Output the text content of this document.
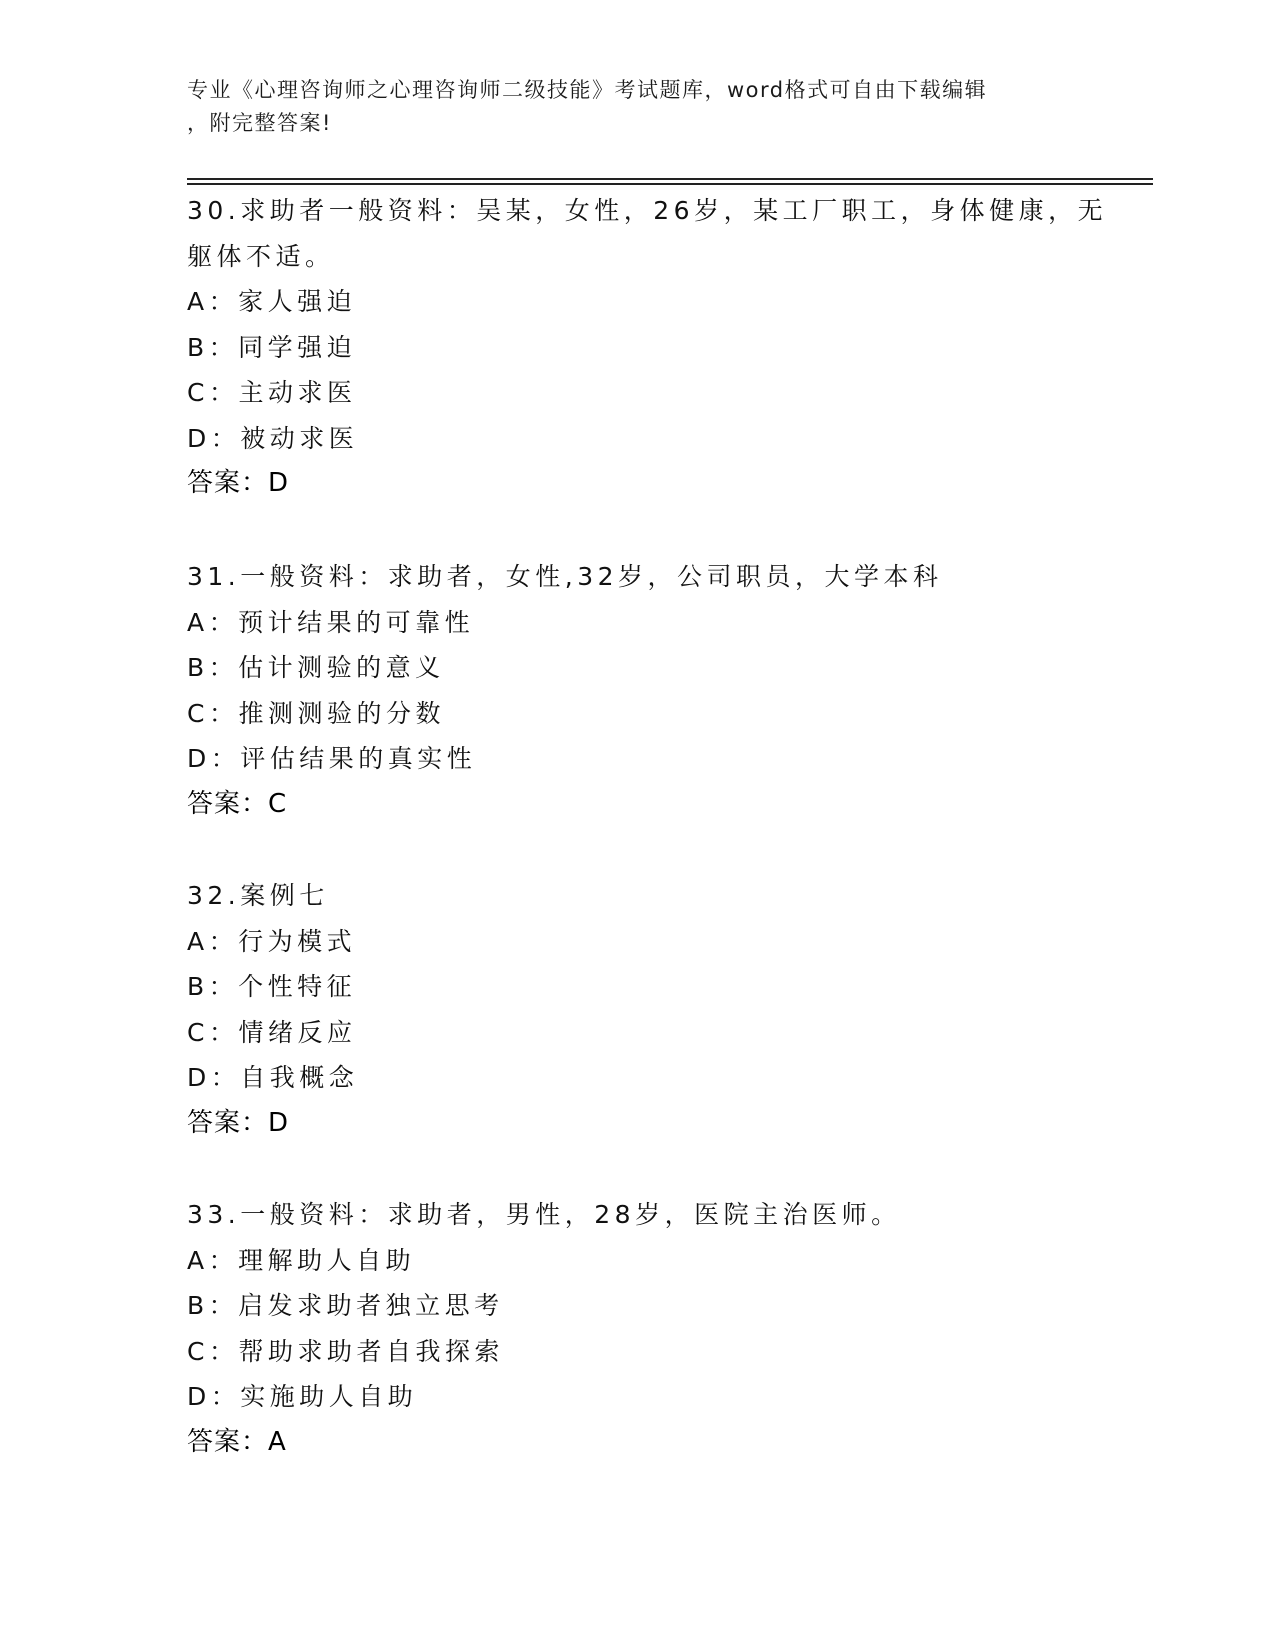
专业《心理咨询师之心理咨询师二级技能》考试题库，word格式可自由下载编辑
，附完整答案!
30.求助者一般资料：吴某，女性，26岁，某工厂职工，身体健康，无
躯体不适。
A：家人强迫
B：同学强迫
C：主动求医
D：被动求医
答案：D
31.一般资料：求助者，女性,32岁，公司职员，大学本科
A：预计结果的可靠性
B：估计测验的意义
C：推测测验的分数
D：评估结果的真实性
答案：C
32.案例七
A：行为模式
B：个性特征
C：情绪反应
D：自我概念
答案：D
33.一般资料：求助者，男性，28岁，医院主治医师。
A：理解助人自助
B：启发求助者独立思考
C：帮助求助者自我探索
D：实施助人自助
答案：A
